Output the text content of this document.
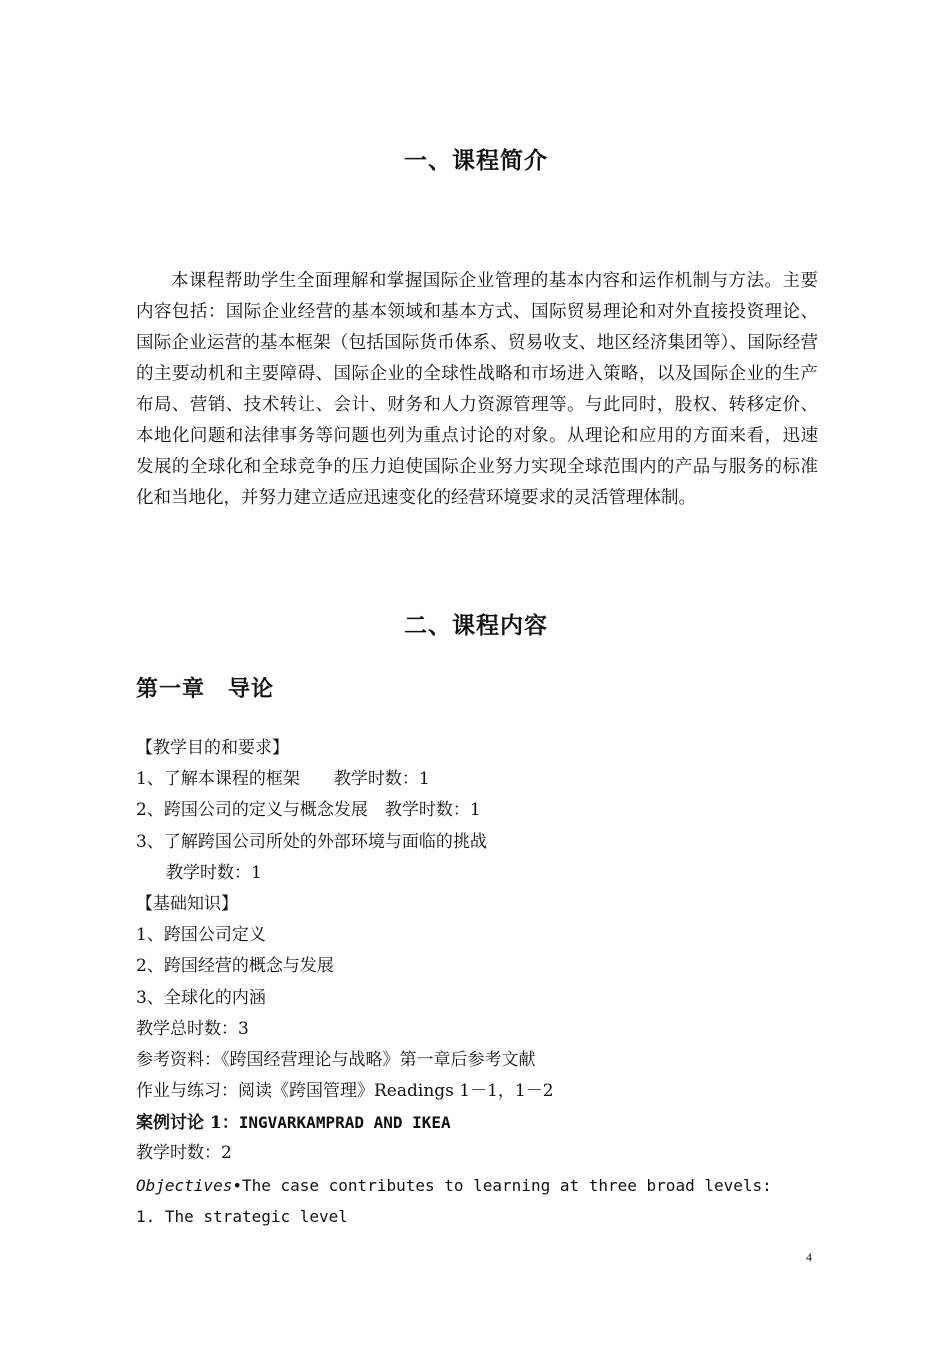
一、课程简介

本课程帮助学生全面理解和掌握国际企业管理的基本内容和运作机制与方法。主要内容包括：国际企业经营的基本领域和基本方式、国际贸易理论和对外直接投资理论、国际企业运营的基本框架（包括国际货币体系、贸易收支、地区经济集团等）、国际经营的主要动机和主要障碍、国际企业的全球性战略和市场进入策略，以及国际企业的生产布局、营销、技术转让、会计、财务和人力资源管理等。与此同时，股权、转移定价、本地化问题和法律事务等问题也列为重点讨论的对象。从理论和应用的方面来看，迅速发展的全球化和全球竞争的压力迫使国际企业努力实现全球范围内的产品与服务的标准化和当地化，并努力建立适应迅速变化的经营环境要求的灵活管理体制。

二、课程内容
第一章　导论
【教学目的和要求】
1、了解本课程的框架　　教学时数：1
2、跨国公司的定义与概念发展　教学时数：1
3、了解跨国公司所处的外部环境与面临的挑战
教学时数：1
【基础知识】
1、跨国公司定义
2、跨国经营的概念与发展
3、全球化的内涵
教学总时数：3
参考资料：《跨国经营理论与战略》第一章后参考文献
作业与练习：阅读《跨国管理》Readings 1－1，1－2
案例讨论 1：INGVARKAMPRAD AND IKEA
教学时数：2
Objectives•The case contributes to learning at three broad levels:
1. The strategic level
4
